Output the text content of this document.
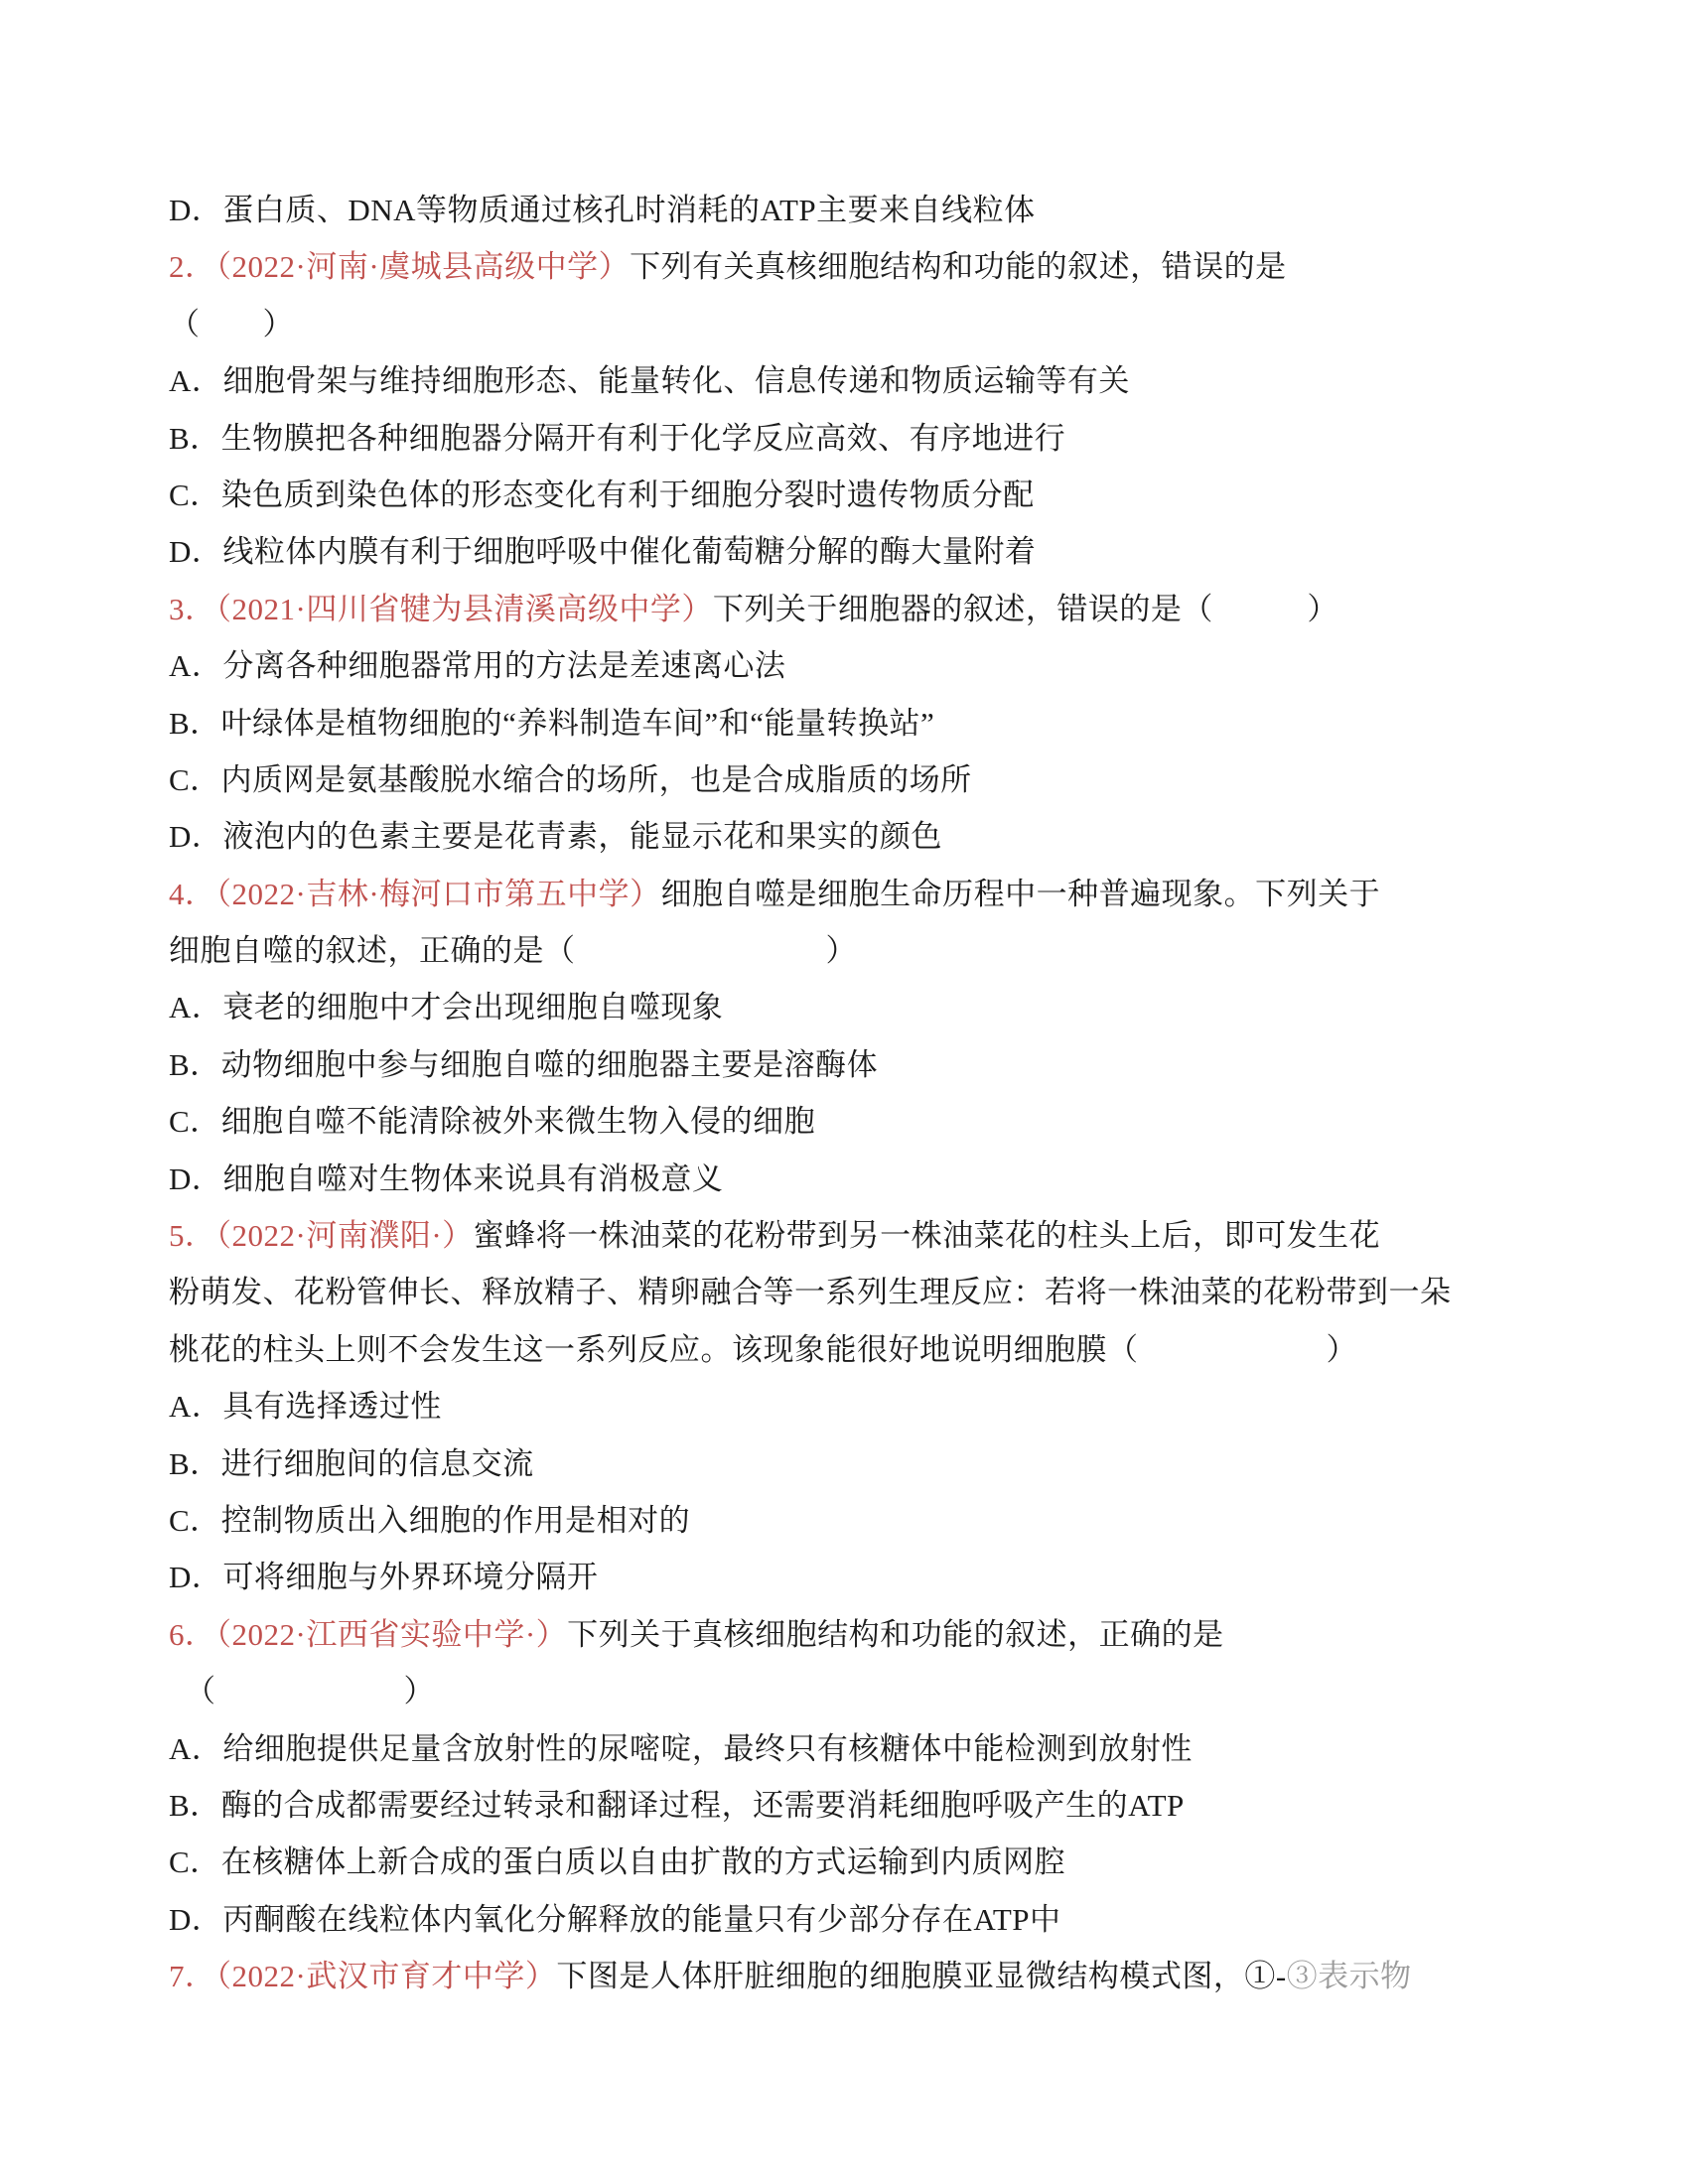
D．蛋白质、DNA等物质通过核孔时消耗的ATP主要来自线粒体
2．（2022·河南·虞城县高级中学）下列有关真核细胞结构和功能的叙述，错误的是
（　　）
A．细胞骨架与维持细胞形态、能量转化、信息传递和物质运输等有关
B．生物膜把各种细胞器分隔开有利于化学反应高效、有序地进行
C．染色质到染色体的形态变化有利于细胞分裂时遗传物质分配
D．线粒体内膜有利于细胞呼吸中催化葡萄糖分解的酶大量附着
3．（2021·四川省犍为县清溪高级中学）下列关于细胞器的叙述，错误的是（　　　）
A．分离各种细胞器常用的方法是差速离心法
B．叶绿体是植物细胞的“养料制造车间”和“能量转换站”
C．内质网是氨基酸脱水缩合的场所，也是合成脂质的场所
D．液泡内的色素主要是花青素，能显示花和果实的颜色
4．（2022·吉林·梅河口市第五中学）细胞自噬是细胞生命历程中一种普遍现象。下列关于
细胞自噬的叙述，正确的是（　　　　　　　　）
A．衰老的细胞中才会出现细胞自噬现象
B．动物细胞中参与细胞自噬的细胞器主要是溶酶体
C．细胞自噬不能清除被外来微生物入侵的细胞
D．细胞自噬对生物体来说具有消极意义
5．（2022·河南濮阳·）蜜蜂将一株油菜的花粉带到另一株油菜花的柱头上后，即可发生花
粉萌发、花粉管伸长、释放精子、精卵融合等一系列生理反应：若将一株油菜的花粉带到一朵
桃花的柱头上则不会发生这一系列反应。该现象能很好地说明细胞膜（　　　　　　）
A．具有选择透过性
B．进行细胞间的信息交流
C．控制物质出入细胞的作用是相对的
D．可将细胞与外界环境分隔开
6．（2022·江西省实验中学·）下列关于真核细胞结构和功能的叙述，正确的是
　（　　　　　　）
A．给细胞提供足量含放射性的尿嘧啶，最终只有核糖体中能检测到放射性
B．酶的合成都需要经过转录和翻译过程，还需要消耗细胞呼吸产生的ATP
C．在核糖体上新合成的蛋白质以自由扩散的方式运输到内质网腔
D．丙酮酸在线粒体内氧化分解释放的能量只有少部分存在ATP中
7．（2022·武汉市育才中学）下图是人体肝脏细胞的细胞膜亚显微结构模式图，①-③表示物
